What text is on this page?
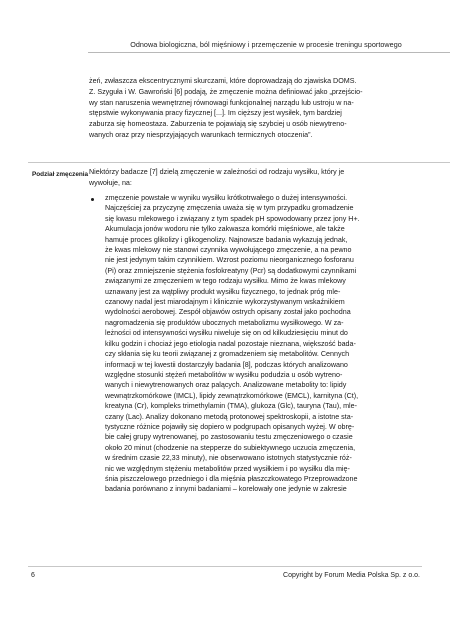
Odnowa biologiczna, ból mięśniowy i przemęczenie w procesie treningu sportowego

żeń, zwłaszcza ekscentrycznymi skurczami, które doprowadzają do zjawiska DOMS.
Z. Szyguła i W. Gawroński [6] podają, że zmęczenie można definiować jako „przejścio-
wy stan naruszenia wewnętrznej równowagi funkcjonalnej narządu lub ustroju w na-
stępstwie wykonywania pracy fizycznej [...]. Im cięższy jest wysiłek, tym bardziej
zaburza się homeostaza. Zaburzenia te pojawiają się szybciej u osób niewytreno-
wanych oraz przy niesprzyjających warunkach termicznych otoczenia”.

Podział zmęczenia Niektórzy badacze [7] dzielą zmęczenie w zależności od rodzaju wysiłku, który je
wywołuje, na:

zmęczenie powstałe w wyniku wysiłku krótkotrwałego o dużej intensywności.
Najczęściej za przyczynę zmęczenia uważa się w tym przypadku gromadzenie
się kwasu mlekowego i związany z tym spadek pH spowodowany przez jony H+.
Akumulacja jonów wodoru nie tylko zakwasza komórki mięśniowe, ale także
hamuje proces glikolizy i glikogenolizy. Najnowsze badania wykazują jednak,
że kwas mlekowy nie stanowi czynnika wywołującego zmęczenie, a na pewno
nie jest jedynym takim czynnikiem. Wzrost poziomu nieorganicznego fosforanu
(Pi) oraz zmniejszenie stężenia fosfokreatyny (Pcr) są dodatkowymi czynnikami
związanymi ze zmęczeniem w tego rodzaju wysiłku. Mimo że kwas mlekowy
uznawany jest za wątpliwy produkt wysiłku fizycznego, to jednak próg mle-
czanowy nadal jest miarodajnym i klinicznie wykorzystywanym wskaźnikiem
wydolności aerobowej. Zespół objawów ostrych opisany został jako pochodna
nagromadzenia się produktów ubocznych metabolizmu wysiłkowego. W za-
leżności od intensywności wysiłku niweluje się on od kilkudziesięciu minut do
kilku godzin i chociaż jego etiologia nadal pozostaje nieznana, większość bada-
czy skłania się ku teorii związanej z gromadzeniem się metabolitów. Cennych
informacji w tej kwestii dostarczyły badania [8], podczas których analizowano
względne stosunki stężeń metabolitów w wysiłku podudzia u osób wytreno-
wanych i niewytrenowanych oraz palących. Analizowane metabolity to: lipidy
wewnątrzkomórkowe (IMCL), lipidy zewnątrzkomórkowe (EMCL), karnityna (Ct),
kreatyna (Cr), kompleks trimethylamin (TMA), glukoza (Glc), tauryna (Tau), mle-
czany (Lac). Analizy dokonano metodą protonowej spektroskopii, a istotne sta-
tystyczne różnice pojawiły się dopiero w podgrupach opisanych wyżej. W obrę-
bie całej grupy wytrenowanej, po zastosowaniu testu zmęczeniowego o czasie
około 20 minut (chodzenie na stepperze do subiektywnego uczucia zmęczenia,
w średnim czasie 22,33 minuty), nie obserwowano istotnych statystycznie róż-
nic we względnym stężeniu metabolitów przed wysiłkiem i po wysiłku dla mię-
śnia piszczelowego przedniego i dla mięśnia płaszczkowatego Przeprowadzone
badania porównano z innymi badaniami – korelowały one jedynie w zakresie

6	Copyright by Forum Media Polska Sp. z o.o.
